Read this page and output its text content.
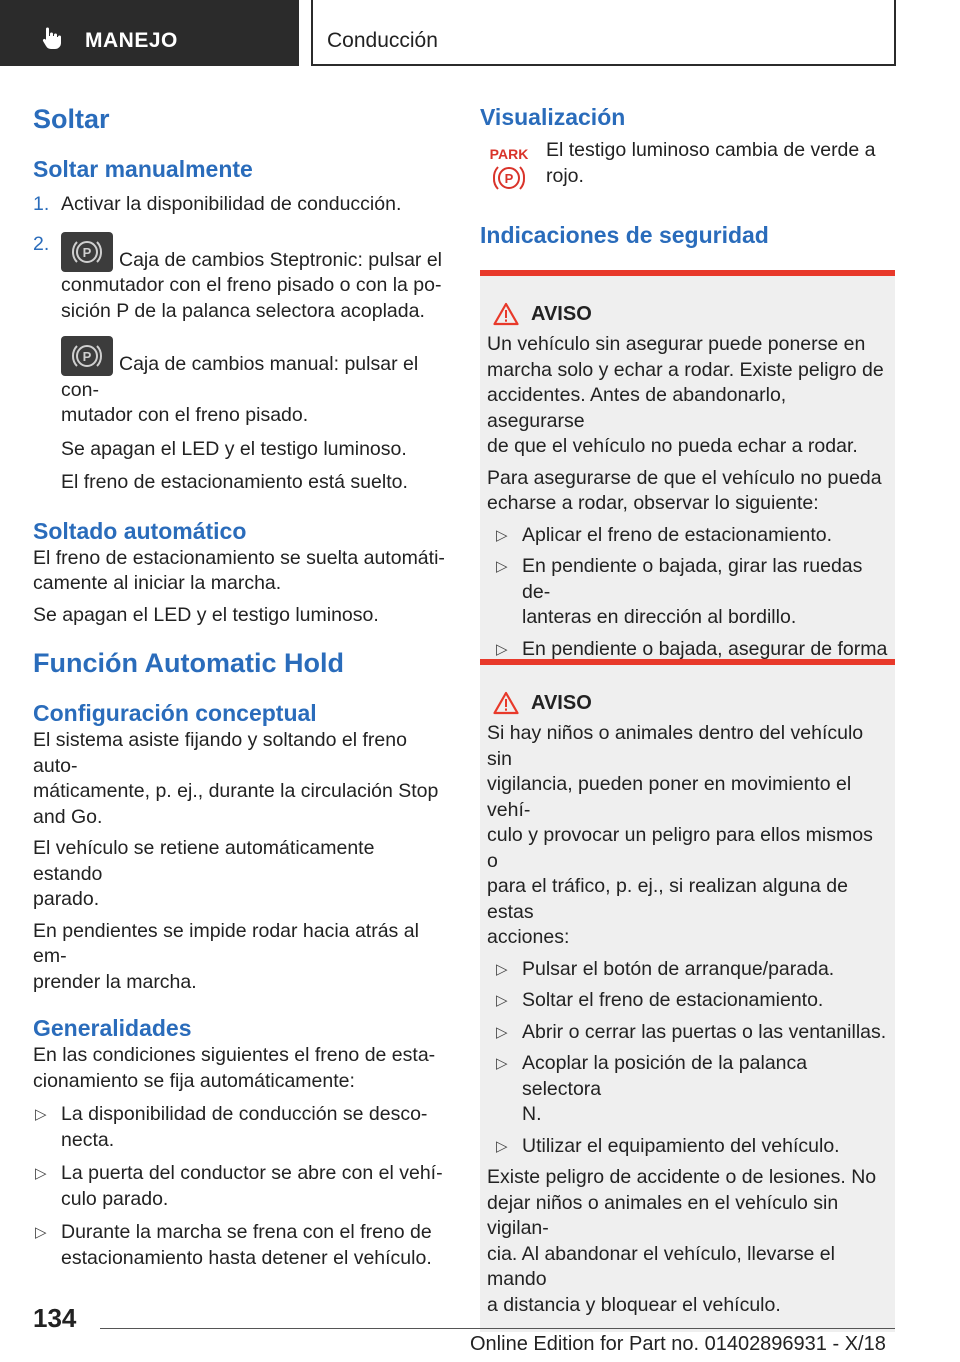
MANEJO	Conducción
Soltar
Soltar manualmente
1. Activar la disponibilidad de conducción.
2.	P Caja de cambios Steptronic: pulsar el
conmutador con el freno pisado o con la po-
sición P de la palanca selectora acoplada.
P Caja de cambios manual: pulsar el con-
mutador con el freno pisado.
Se apagan el LED y el testigo luminoso.
El freno de estacionamiento está suelto.
Soltado automático
El freno de estacionamiento se suelta automáti-
camente al iniciar la marcha.
Se apagan el LED y el testigo luminoso.
Función Automatic Hold
Configuración conceptual
El sistema asiste fijando y soltando el freno auto-
máticamente, p. ej., durante la circulación Stop
and Go.
El vehículo se retiene automáticamente estando
parado.
En pendientes se impide rodar hacia atrás al em-
prender la marcha.
Generalidades
En las condiciones siguientes el freno de esta-
cionamiento se fija automáticamente:
▷ La disponibilidad de conducción se desco-
necta.
▷ La puerta del conductor se abre con el vehí-
culo parado.
▷ Durante la marcha se frena con el freno de
estacionamiento hasta detener el vehículo.
Visualización
PARK
P
El testigo luminoso cambia de verde a
rojo.
Indicaciones de seguridad
AVISO
Un vehículo sin asegurar puede ponerse en
marcha solo y echar a rodar. Existe peligro de
accidentes. Antes de abandonarlo, asegurarse
de que el vehículo no pueda echar a rodar.
Para asegurarse de que el vehículo no pueda
echarse a rodar, observar lo siguiente:
▷ Aplicar el freno de estacionamiento.
▷ En pendiente o bajada, girar las ruedas de-
lanteras en dirección al bordillo.
▷ En pendiente o bajada, asegurar de forma
AVISO
Si hay niños o animales dentro del vehículo sin
vigilancia, pueden poner en movimiento el vehí-
culo y provocar un peligro para ellos mismos o
para el tráfico, p. ej., si realizan alguna de estas
acciones:
▷ Pulsar el botón de arranque/parada.
▷ Soltar el freno de estacionamiento.
▷ Abrir o cerrar las puertas o las ventanillas.
▷ Acoplar la posición de la palanca selectora
N.
▷ Utilizar el equipamiento del vehículo.
Existe peligro de accidente o de lesiones. No
dejar niños o animales en el vehículo sin vigilan-
cia. Al abandonar el vehículo, llevarse el mando
a distancia y bloquear el vehículo.
134
Online Edition for Part no. 01402896931 - X/18
